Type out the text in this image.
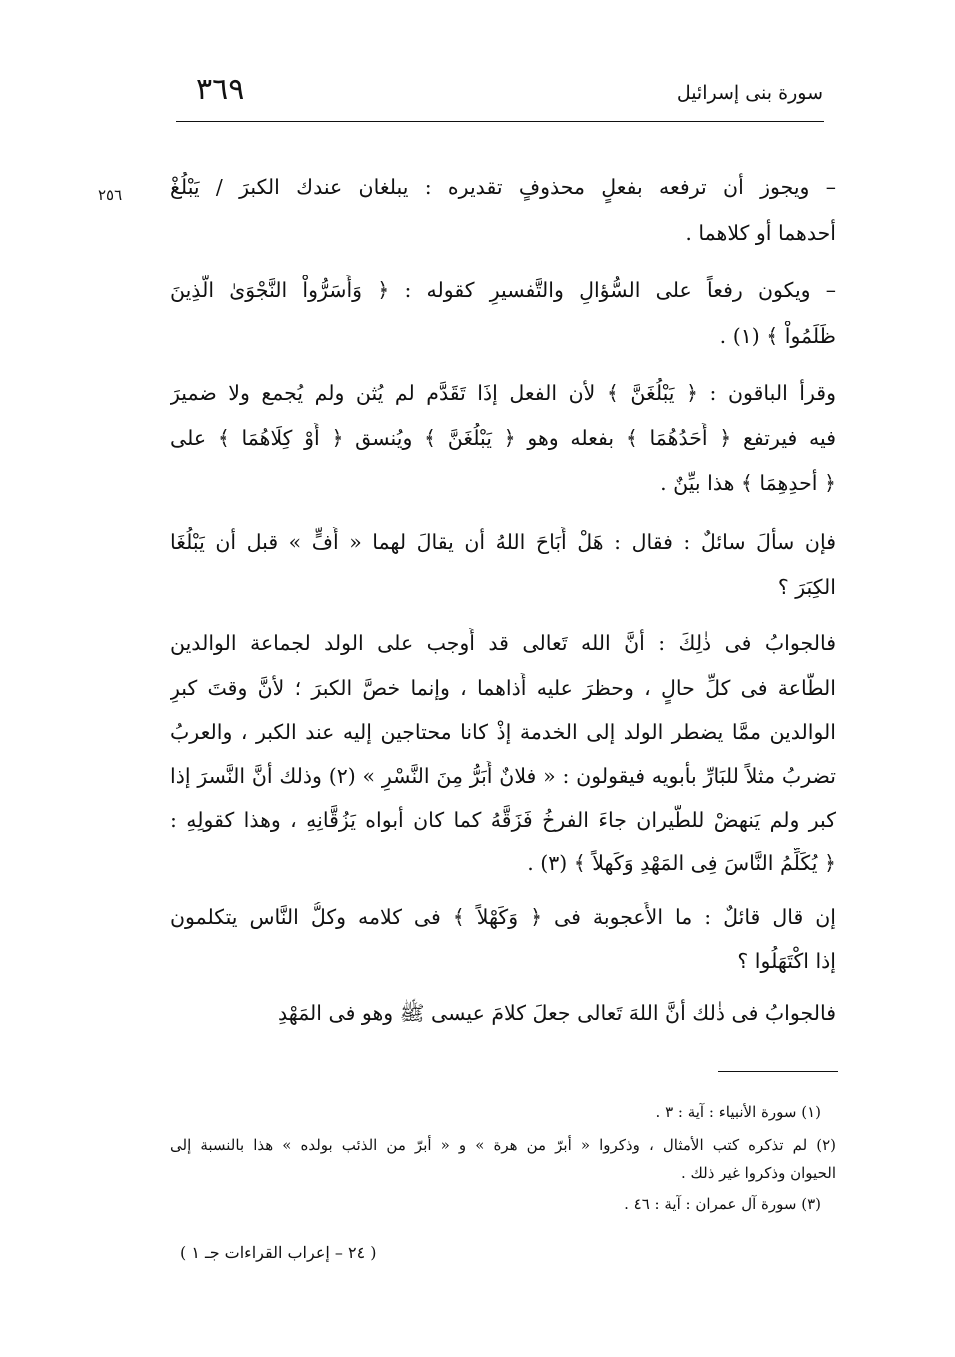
سورة بنى إسرائيل
٣٦٩
٢٥٦ – ويجوز أن ترفعه بفعلٍ محذوفٍ تقديره : يبلغان عندك الكبرَ / يَبْلُغْ
أحدهما أو كلاهما .
– ويكون رفعاً على السُّؤالِ والتَّفسيرِ كقوله : ﴿ وَأَسَرُّواْ النَّجْوَىٰ الَّذِينَ
ظَلَمُواْ ﴾ (١) .
وقرأ الباقون : ﴿ يَبْلُغَنَّ ﴾ لأن الفعل إذَا تَقَدَّم لم يُثن ولم يُجمع ولا ضميرَ
فيه فيرتفع ﴿ أَحَدُهُمَا ﴾ بفعله وهو ﴿ يَبْلُغَنَّ ﴾ ويُنسق ﴿ أَوْ كِلَاهُمَا ﴾ على
﴿ أحدِهِمَا ﴾ هذا بيِّنٌ .
فإن سألَ سائلٌ : فقال : هَلْ أَبَاحَ اللهُ أن يقالَ لهما « أُفٍّ » قبل أن يَبْلُغَا
الكِبَرَ ؟
فالجوابُ فى ذٰلِكَ : أنَّ الله تَعالى قد أُوجب على الولد لجماعة الوالدين
الطَّاعة فى كلِّ حالٍ ، وحظرَ عليه أَذاهما ، وإنما خصَّ الكبرَ ؛ لأنَّ وقتَ كبرِ
الوالدين ممَّا يضطر الولد إلى الخدمة إذْ كانا محتاجين إليه عند الكبر ، والعربُ
تضربُ مثلاً للبَارِّ بأبويه فيقولون : « فلانٌ أَبَرُّ مِنَ النَّسْرِ » (٢) وذلك أنَّ النَّسرَ إذا
كبر ولم يَنهضْ للطَّيران جاءَ الفرخُ فَزَقَّهُ كما كان أبواه يَزُقَّانِهِ ، وهذا كقولِهِ :
﴿ يُكَلِّمُ النَّاسَ فِى المَهْدِ وَكَهلاً ﴾ (٣) .
إن قال قائلٌ : ما الأُعجوبة فى ﴿ وَكَهْلاً ﴾ فى كلامه وكلُّ النَّاس يتكلمون
إذا اكْتَهَلُوا ؟
فالجوابُ فى ذٰلك أنَّ اللهَ تَعالى جعلَ كلامَ عيسى ﷺ وهو فى المَهْدِ
(١) سورة الأنبياء : آية : ٣ .
(٢) لم تذكره كتب الأمثال ، وذكروا « أبرّ من هرة » و « أبرّ من الذئب بولده » هذا بالنسبة إلى
الحيوان وذكروا غير ذلك .
(٣) سورة آل عمران : آية : ٤٦ .
( ٢٤ – إعراب القراءات جـ ١ )
